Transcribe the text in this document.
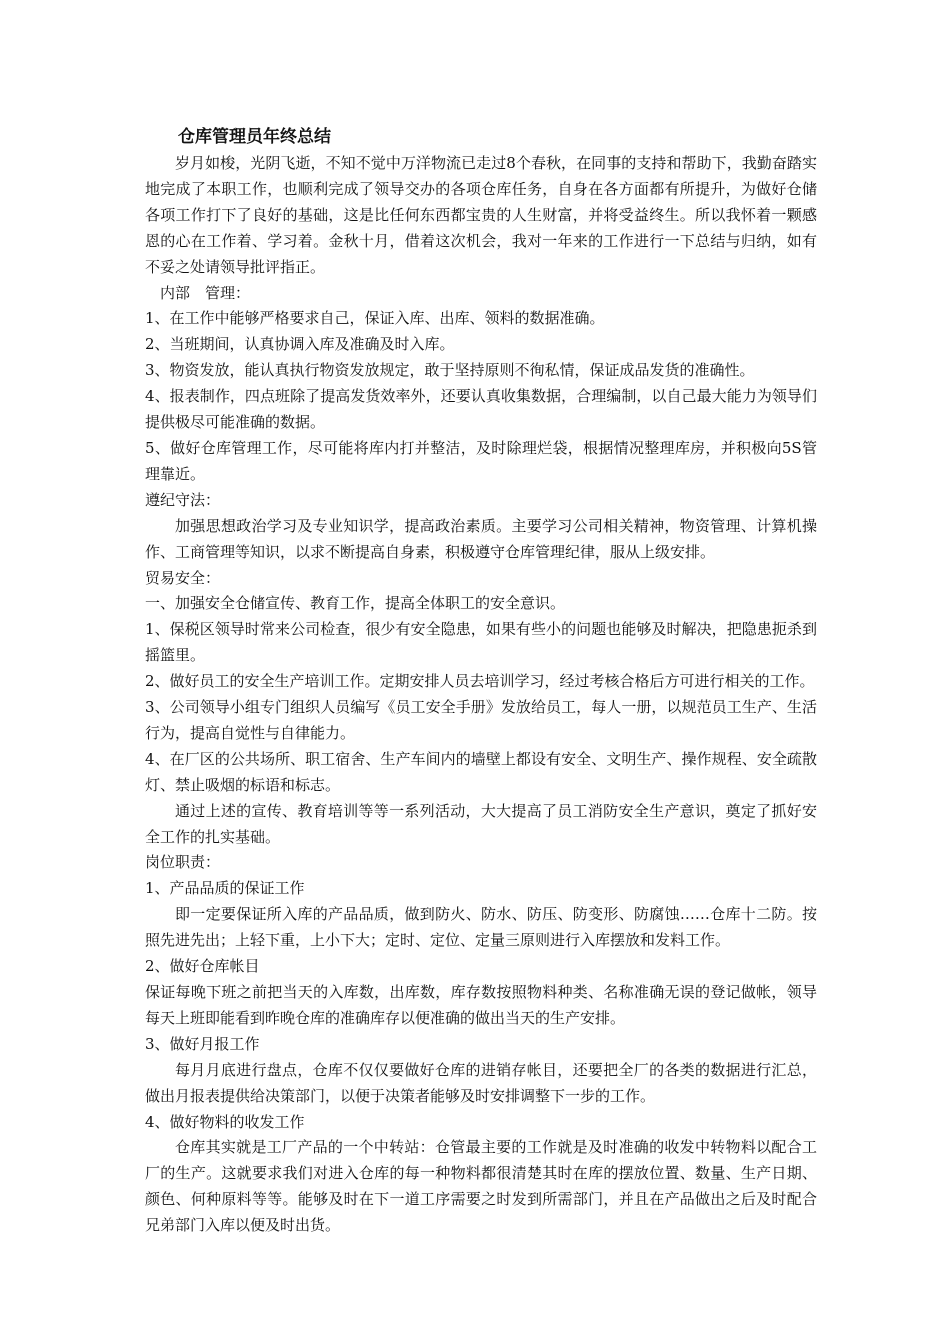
仓库管理员年终总结

岁月如梭，光阴飞逝，不知不觉中万洋物流已走过8个春秋，在同事的支持和帮助下，我勤奋踏实地完成了本职工作，也顺利完成了领导交办的各项仓库任务，自身在各方面都有所提升，为做好仓储各项工作打下了良好的基础，这是比任何东西都宝贵的人生财富，并将受益终生。所以我怀着一颗感恩的心在工作着、学习着。金秋十月，借着这次机会，我对一年来的工作进行一下总结与归纳，如有不妥之处请领导批评指正。

内部　管理：

1、在工作中能够严格要求自己，保证入库、出库、领料的数据准确。

2、当班期间，认真协调入库及准确及时入库。

3、物资发放，能认真执行物资发放规定，敢于坚持原则不徇私情，保证成品发货的准确性。

4、报表制作，四点班除了提高发货效率外，还要认真收集数据，合理编制，以自己最大能力为领导们提供极尽可能准确的数据。

5、做好仓库管理工作，尽可能将库内打并整洁，及时除理烂袋，根据情况整理库房，并积极向5S管理靠近。

遵纪守法：

加强思想政治学习及专业知识学，提高政治素质。主要学习公司相关精神，物资管理、计算机操作、工商管理等知识，以求不断提高自身素，积极遵守仓库管理纪律，服从上级安排。

贸易安全：

一、加强安全仓储宣传、教育工作，提高全体职工的安全意识。

1、保税区领导时常来公司检查，很少有安全隐患，如果有些小的问题也能够及时解决，把隐患扼杀到摇篮里。

2、做好员工的安全生产培训工作。定期安排人员去培训学习，经过考核合格后方可进行相关的工作。

3、公司领导小组专门组织人员编写《员工安全手册》发放给员工，每人一册，以规范员工生产、生活行为，提高自觉性与自律能力。

4、在厂区的公共场所、职工宿舍、生产车间内的墙壁上都设有安全、文明生产、操作规程、安全疏散灯、禁止吸烟的标语和标志。

通过上述的宣传、教育培训等等一系列活动，大大提高了员工消防安全生产意识，奠定了抓好安全工作的扎实基础。

岗位职责：

1、产品品质的保证工作

即一定要保证所入库的产品品质，做到防火、防水、防压、防变形、防腐蚀……仓库十二防。按照先进先出；上轻下重，上小下大；定时、定位、定量三原则进行入库摆放和发料工作。

2、做好仓库帐目

保证每晚下班之前把当天的入库数，出库数，库存数按照物料种类、名称准确无误的登记做帐，领导每天上班即能看到昨晚仓库的准确库存以便准确的做出当天的生产安排。

3、做好月报工作

每月月底进行盘点，仓库不仅仅要做好仓库的进销存帐目，还要把全厂的各类的数据进行汇总，做出月报表提供给决策部门，以便于决策者能够及时安排调整下一步的工作。

4、做好物料的收发工作

仓库其实就是工厂产品的一个中转站：仓管最主要的工作就是及时准确的收发中转物料以配合工厂的生产。这就要求我们对进入仓库的每一种物料都很清楚其时在库的摆放位置、数量、生产日期、颜色、何种原料等等。能够及时在下一道工序需要之时发到所需部门，并且在产品做出之后及时配合兄弟部门入库以便及时出货。
